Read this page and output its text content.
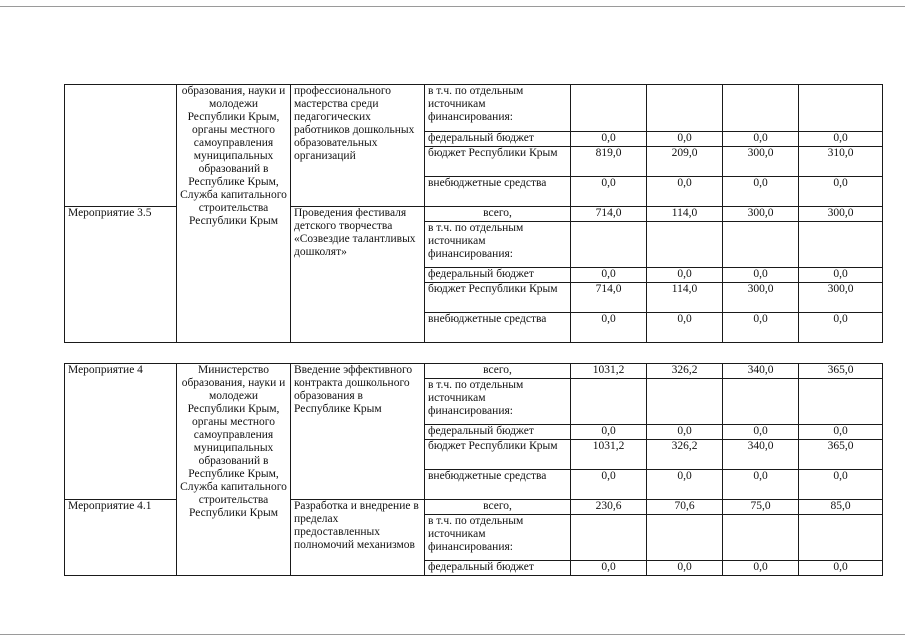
	образования, науки и молодежи Республики Крым, органы местного самоуправления муниципальных образований в Республике Крым, Служба капитального строительства Республики Крым	профессионального мастерства среди педагогических работников дошкольных образовательных организаций	в т.ч. по отдельным источникам финансирования:				
			федеральный бюджет	0,0	0,0	0,0	0,0
			бюджет Республики Крым	819,0	209,0	300,0	310,0
			внебюджетные средства	0,0	0,0	0,0	0,0
Мероприятие 3.5		Проведения фестиваля детского творчества «Созвездие талантливых дошколят»	всего,	714,0	114,0	300,0	300,0
			в т.ч. по отдельным источникам финансирования:				
			федеральный бюджет	0,0	0,0	0,0	0,0
			бюджет Республики Крым	714,0	114,0	300,0	300,0
			внебюджетные средства	0,0	0,0	0,0	0,0
Мероприятие 4	Министерство образования, науки и молодежи Республики Крым, органы местного самоуправления муниципальных образований в Республике Крым, Служба капитального строительства Республики Крым	Введение эффективного контракта дошкольного образования в Республике Крым	всего,	1031,2	326,2	340,0	365,0
			в т.ч. по отдельным источникам финансирования:				
			федеральный бюджет	0,0	0,0	0,0	0,0
			бюджет Республики Крым	1031,2	326,2	340,0	365,0
			внебюджетные средства	0,0	0,0	0,0	0,0
Мероприятие 4.1		Разработка и внедрение в пределах предоставленных полномочий механизмов	всего,	230,6	70,6	75,0	85,0
			в т.ч. по отдельным источникам финансирования:				
			федеральный бюджет	0,0	0,0	0,0	0,0
